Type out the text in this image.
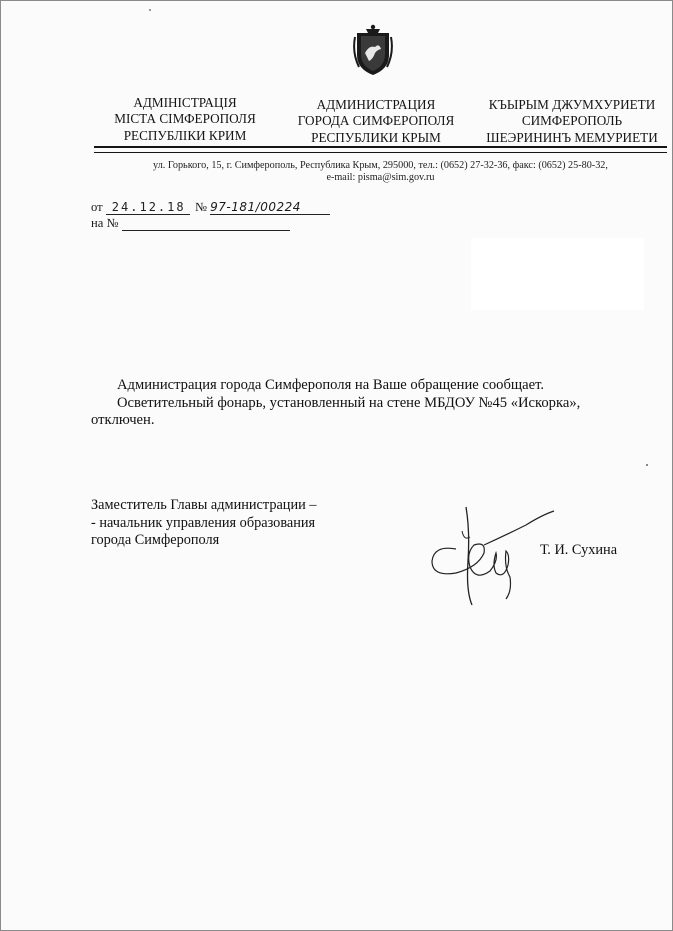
АДМІНІСТРАЦІЯ
МІСТА СІМФЕРОПОЛЯ
РЕСПУБЛІКИ КРИМ
АДМИНИСТРАЦИЯ
ГОРОДА СИМФЕРОПОЛЯ
РЕСПУБЛИКИ КРЫМ
КЪЫРЫМ ДЖУМХУРИЕТИ
СИМФЕРОПОЛЬ
ШЕЭРИНИНЪ МЕМУРИЕТИ
ул. Горького, 15, г. Симферополь, Республика Крым, 295000, тел.: (0652) 27-32-36, факс: (0652) 25-80-32,
e-mail: pisma@sim.gov.ru
от 24.12.18 № 97-181/00224
на №
Администрация города Симферополя на Ваше обращение сообщает.
Осветительный фонарь, установленный на стене МБДОУ №45 «Искорка»,
отключен.
Заместитель Главы администрации –
- начальник управления образования
города Симферополя
Т. И. Сухина
